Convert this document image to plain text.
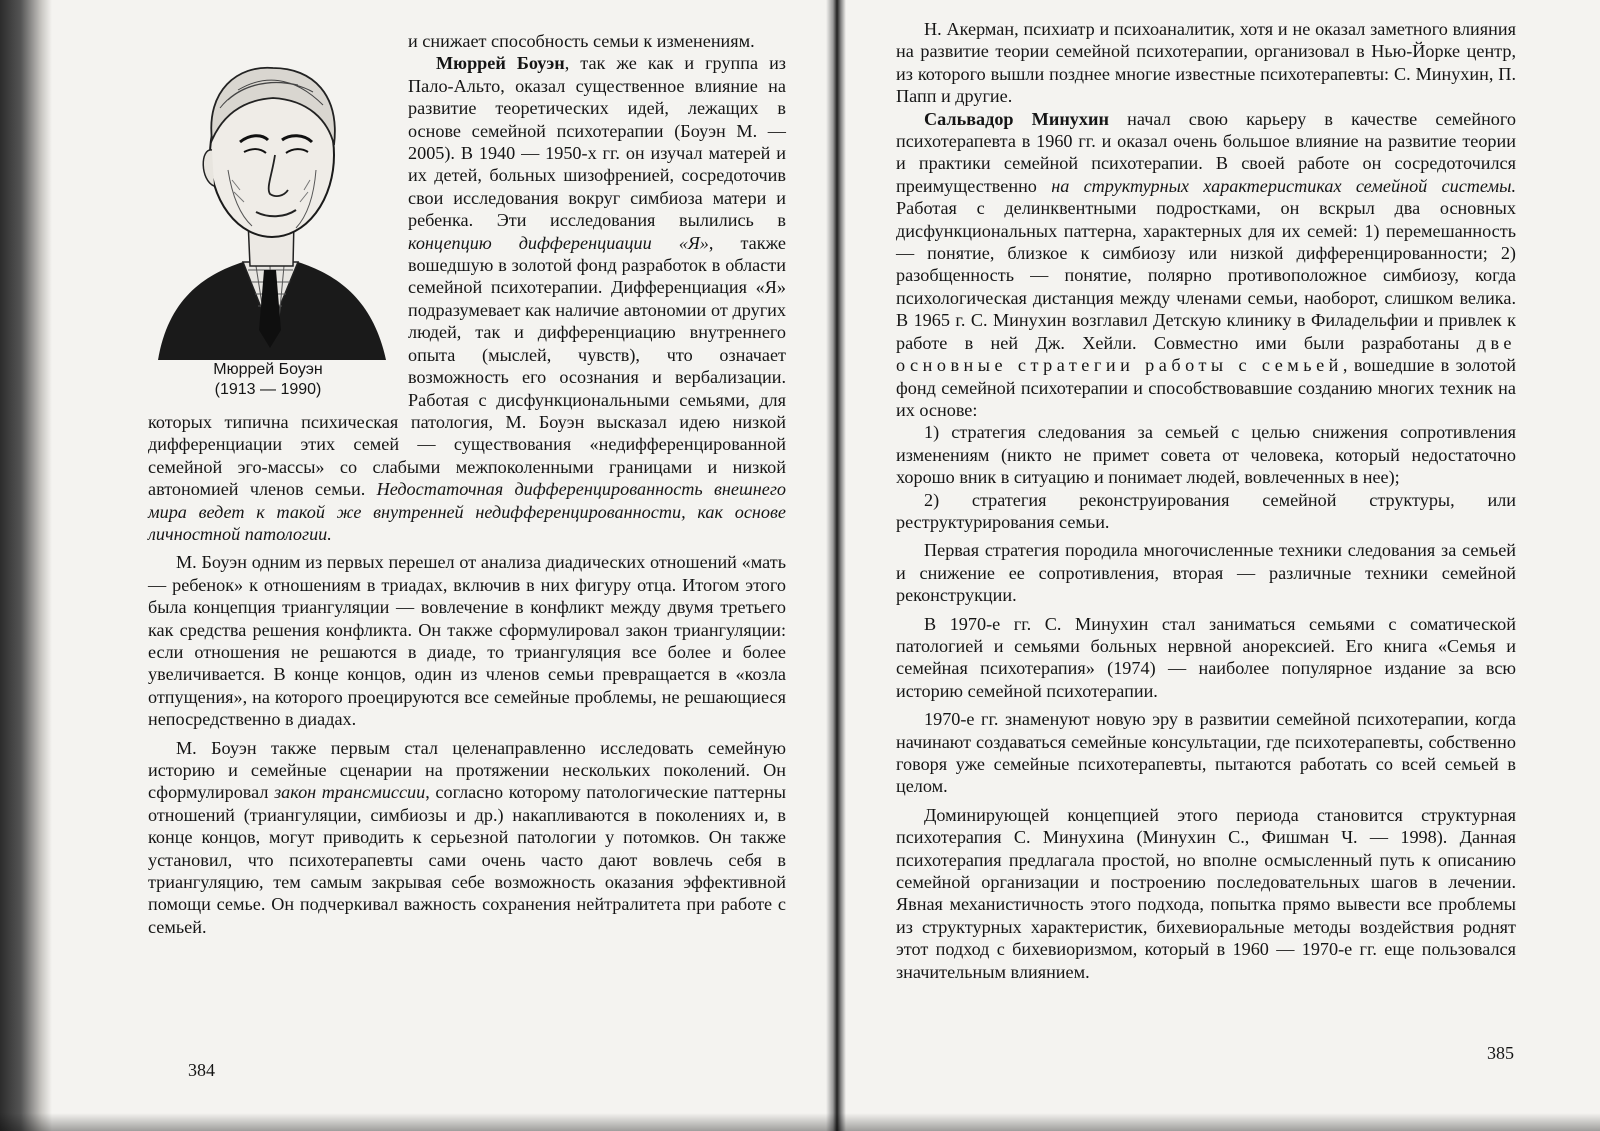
Мюррей Боуэн
(1913 — 1990)

и снижает способность семьи к изменениям.

Мюррей Боуэн, так же как и группа из Пало-Альто, оказал существенное влияние на развитие теоретических идей, лежащих в основе семейной психотерапии (Боуэн М. — 2005). В 1940 — 1950-х гг. он изучал матерей и их детей, больных шизофренией, сосредоточив свои исследования вокруг симбиоза матери и ребенка. Эти исследования вылились в концепцию дифференциации «Я», также вошедшую в золотой фонд разработок в области семейной психотерапии. Дифференциация «Я» подразумевает как наличие автономии от других людей, так и дифференциацию внутреннего опыта (мыслей, чувств), что означает возможность его осознания и вербализации. Работая с дисфункциональными семьями, для которых типична психическая патология, М. Боуэн высказал идею низкой дифференциации этих семей — существования «недифференцированной семейной эго-массы» со слабыми межпоколенными границами и низкой автономией членов семьи. Недостаточная дифференцированность внешнего мира ведет к такой же внутренней недифференцированности, как основе личностной патологии.

М. Боуэн одним из первых перешел от анализа диадических отношений «мать — ребенок» к отношениям в триадах, включив в них фигуру отца. Итогом этого была концепция триангуляции — вовлечение в конфликт между двумя третьего как средства решения конфликта. Он также сформулировал закон триангуляции: если отношения не решаются в диаде, то триангуляция все более и более увеличивается. В конце концов, один из членов семьи превращается в «козла отпущения», на которого проецируются все семейные проблемы, не решающиеся непосредственно в диадах.

М. Боуэн также первым стал целенаправленно исследовать семейную историю и семейные сценарии на протяжении нескольких поколений. Он сформулировал закон трансмиссии, согласно которому патологические паттерны отношений (триангуляции, симбиозы и др.) накапливаются в поколениях и, в конце концов, могут приводить к серьезной патологии у потомков. Он также установил, что психотерапевты сами очень часто дают вовлечь себя в триангуляцию, тем самым закрывая себе возможность оказания эффективной помощи семье. Он подчеркивал важность сохранения нейтралитета при работе с семьей.

384

Н. Акерман, психиатр и психоаналитик, хотя и не оказал заметного влияния на развитие теории семейной психотерапии, организовал в Нью-Йорке центр, из которого вышли позднее многие известные психотерапевты: С. Минухин, П. Папп и другие.

Сальвадор Минухин начал свою карьеру в качестве семейного психотерапевта в 1960 гг. и оказал очень большое влияние на развитие теории и практики семейной психотерапии. В своей работе он сосредоточился преимущественно на структурных характеристиках семейной системы. Работая с делинквентными подростками, он вскрыл два основных дисфункциональных паттерна, характерных для их семей: 1) перемешанность — понятие, близкое к симбиозу или низкой дифференцированности; 2) разобщенность — понятие, полярно противоположное симбиозу, когда психологическая дистанция между членами семьи, наоборот, слишком велика. В 1965 г. С. Минухин возглавил Детскую клинику в Филадельфии и привлек к работе в ней Дж. Хейли. Совместно ими были разработаны две основные стратегии работы с семьей, вошедшие в золотой фонд семейной психотерапии и способствовавшие созданию многих техник на их основе:

1) стратегия следования за семьей с целью снижения сопротивления изменениям (никто не примет совета от человека, который недостаточно хорошо вник в ситуацию и понимает людей, вовлеченных в нее);

2) стратегия реконструирования семейной структуры, или реструктурирования семьи.

Первая стратегия породила многочисленные техники следования за семьей и снижение ее сопротивления, вторая — различные техники семейной реконструкции.

В 1970-е гг. С. Минухин стал заниматься семьями с соматической патологией и семьями больных нервной анорексией. Его книга «Семья и семейная психотерапия» (1974) — наиболее популярное издание за всю историю семейной психотерапии.

1970-е гг. знаменуют новую эру в развитии семейной психотерапии, когда начинают создаваться семейные консультации, где психотерапевты, собственно говоря уже семейные психотерапевты, пытаются работать со всей семьей в целом.

Доминирующей концепцией этого периода становится структурная психотерапия С. Минухина (Минухин С., Фишман Ч. — 1998). Данная психотерапия предлагала простой, но вполне осмысленный путь к описанию семейной организации и построению последовательных шагов в лечении. Явная механистичность этого подхода, попытка прямо вывести все проблемы из структурных характеристик, бихевиоральные методы воздействия роднят этот подход с бихевиоризмом, который в 1960 — 1970-е гг. еще пользовался значительным влиянием.

385
